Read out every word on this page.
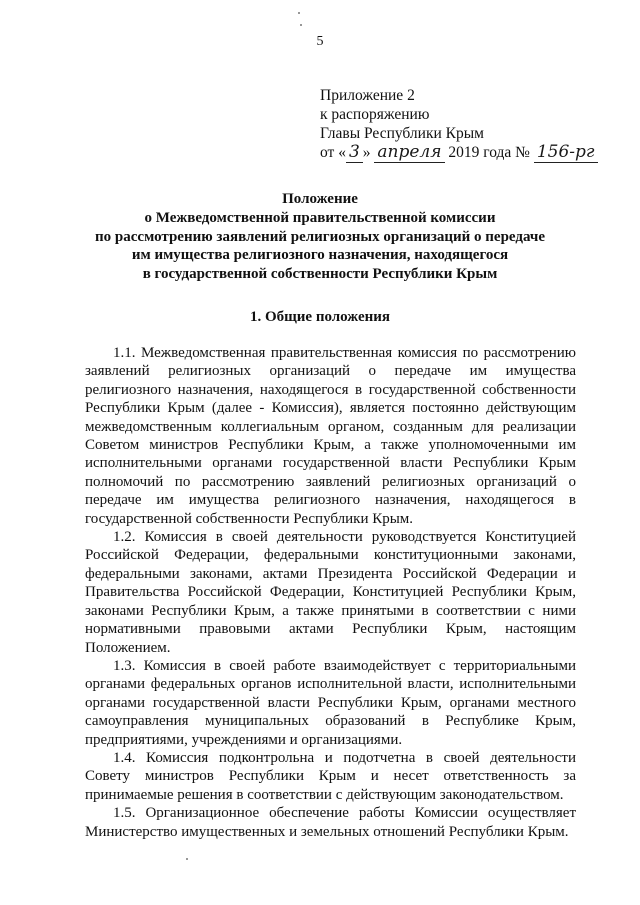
5
Приложение 2
к распоряжению
Главы Республики Крым
от « 3 » апреля 2019 года № 156-рг
Положение
о Межведомственной правительственной комиссии
по рассмотрению заявлений религиозных организаций о передаче
им имущества религиозного назначения, находящегося
в государственной собственности Республики Крым
1. Общие положения

1.1. Межведомственная правительственная комиссия по рассмотрению заявлений религиозных организаций о передаче им имущества религиозного назначения, находящегося в государственной собственности Республики Крым (далее - Комиссия), является постоянно действующим межведомственным коллегиальным органом, созданным для реализации Советом министров Республики Крым, а также уполномоченными им исполнительными органами государственной власти Республики Крым полномочий по рассмотрению заявлений религиозных организаций о передаче им имущества религиозного назначения, находящегося в государственной собственности Республики Крым.

1.2. Комиссия в своей деятельности руководствуется Конституцией Российской Федерации, федеральными конституционными законами, федеральными законами, актами Президента Российской Федерации и Правительства Российской Федерации, Конституцией Республики Крым, законами Республики Крым, а также принятыми в соответствии с ними нормативными правовыми актами Республики Крым, настоящим Положением.

1.3. Комиссия в своей работе взаимодействует с территориальными органами федеральных органов исполнительной власти, исполнительными органами государственной власти Республики Крым, органами местного самоуправления муниципальных образований в Республике Крым, предприятиями, учреждениями и организациями.

1.4. Комиссия подконтрольна и подотчетна в своей деятельности Совету министров Республики Крым и несет ответственность за принимаемые решения в соответствии с действующим законодательством.

1.5. Организационное обеспечение работы Комиссии осуществляет Министерство имущественных и земельных отношений Республики Крым.
